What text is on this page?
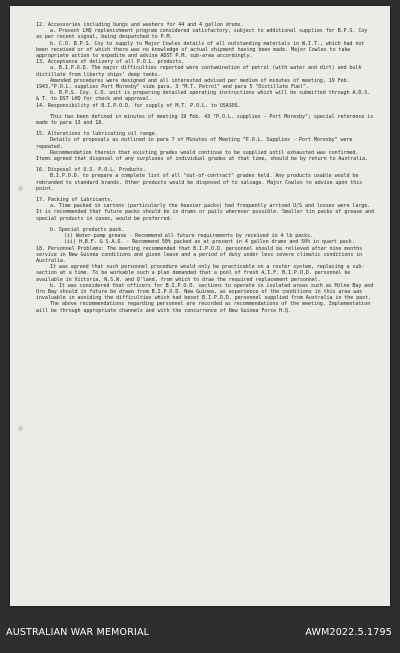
12. Accessories including bungs and washers for 44 and 4 gallon drums.
a. Present LHQ replenishment program considered satisfactory, subject to additional supplies for B.P.S. Coy as per recent signal, being despatched to P.M.
b. C.O. B.P.S. Coy to supply to Major Cowles details of all outstanding materials in W.I.T., which had not been received or of which there was no knowledge of actual shipment having been made. Major Cowles to take appropriate action to expedite and advise ADST P.M. sub-area accordingly.
13. Acceptance of delivery of all P.O.L. products.
a. B.I.P.O.D. The major difficulties reported were contamination of petrol (with water and dirt) and bulk distillate from liberty ships' deep tanks.
Amended procedures were designed and all interested advised per medium of minutes of meeting, 19 Feb. 1943,"P.O.L. supplies Port Moresby" vide para. 3 "M.T. Petrol" and para 5 "Distillate Fuel".
b. B.P.S. Coy. C.O. unit is preparing detailed operating instructions which will be submitted through A.D.S. & T. to DST LHQ for check and approval.
14. Responsibility of B.I.P.O.D. for supply of M.T. P.O.L. to USASOS.
This has been defined in minutes of meeting 19 Feb. 43 "P.O.L. supplies - Port Moresby"; special reference is made to para 13 and 18.
15. Alterations to lubricating oil range.
Details of proposals as outlined in para 7 of Minutes of Meeting "P.O.L. Supplies - Port Moresby" were repeated.
Recommendation therein that existing grades would continue to be supplied until exhausted was confirmed. Items agreed that disposal of any surpluses of individual grades at that time, should be by return to Australia.
16. Disposal of U.S. P.O.L. Products.
B.I.P.O.D. to prepare a complete list of all "out-of-contract" grades held. Any products usable would be rebranded to standard brands. Other products would be disposed of to salvage. Major Cowles to advise upon this point.
17. Packing of Lubricants.
a. Time packed in cartons (particularly the heavier packs) had frequently arrived U/S and losses were large. It is recommended that future packs should be in drums or pails wherever possible. Smaller tin packs of grease and special products in cases, would be preferred.
b. Special products pack.
(i) Water-pump grease - Recommend all future requirements by received in 4 lb packs.
(ii) H.B.F. & S.A.O. - Recommend 50% packed as at present in 4 gallon drums and 50% in quart pack.
18. Personnel Problems: The meeting recommended that B.I.P.O.D. personnel should be relieved after nine months service in New Guinea conditions and given leave and a period of duty under less severe climatic conditions in Australia.
It was agreed that such personnel procedure would only be practicable on a roster system, replacing a sub-section at a time. To be workable such a plan demanded that a pool of fresh A.I.F. B.I.P.O.D. personnel be available in Victoria, N.S.W. and Q'land, from which to draw the required replacement personnel.
b. It was considered that officers for B.I.P.O.D. sections to operate in isolated areas such as Milne Bay and Oro Bay should in future be drawn from B.I.P.O.D. New Guinea, as experience of the conditions in this area was invaluable in avoiding the difficulties which had beset B.I.P.O.D. personnel supplied from Australia in the past.
The above recommendations regarding personnel are recorded as recommendations of the meeting. Implementation will be through appropriate channels and with the concurrence of New Guinea Force H.Q.
AUSTRALIAN WAR MEMORIAL	AWM2022.5.1795
